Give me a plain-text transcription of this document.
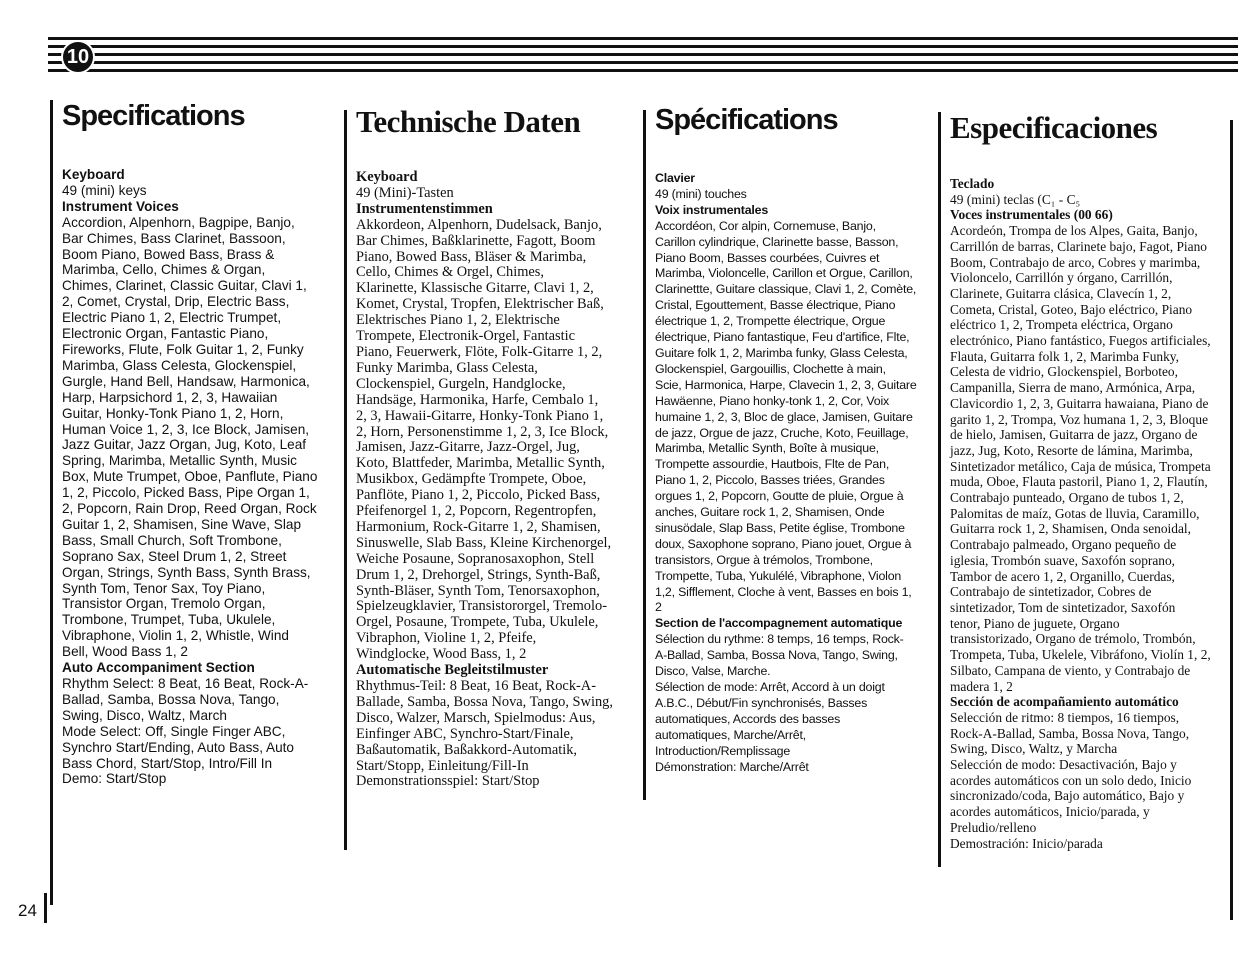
10
Specifications

Keyboard

49 (mini) keys

Instrument Voices

Accordion, Alpenhorn, Bagpipe, Banjo,
Bar Chimes, Bass Clarinet, Bassoon,
Boom Piano, Bowed Bass, Brass &
Marimba, Cello, Chimes & Organ,
Chimes, Clarinet, Classic Guitar, Clavi 1,
2, Comet, Crystal, Drip, Electric Bass,
Electric Piano 1, 2, Electric Trumpet,
Electronic Organ, Fantastic Piano,
Fireworks, Flute, Folk Guitar 1, 2, Funky
Marimba, Glass Celesta, Glockenspiel,
Gurgle, Hand Bell, Handsaw, Harmonica,
Harp, Harpsichord 1, 2, 3, Hawaiian
Guitar, Honky-Tonk Piano 1, 2, Horn,
Human Voice 1, 2, 3, Ice Block, Jamisen,
Jazz Guitar, Jazz Organ, Jug, Koto, Leaf
Spring, Marimba, Metallic Synth, Music
Box, Mute Trumpet, Oboe, Panflute, Piano
1, 2, Piccolo, Picked Bass, Pipe Organ 1,
2, Popcorn, Rain Drop, Reed Organ, Rock
Guitar 1, 2, Shamisen, Sine Wave, Slap
Bass, Small Church, Soft Trombone,
Soprano Sax, Steel Drum 1, 2, Street
Organ, Strings, Synth Bass, Synth Brass,
Synth Tom, Tenor Sax, Toy Piano,
Transistor Organ, Tremolo Organ,
Trombone, Trumpet, Tuba, Ukulele,
Vibraphone, Violin 1, 2, Whistle, Wind
Bell, Wood Bass 1, 2

Auto Accompaniment Section

Rhythm Select: 8 Beat, 16 Beat, Rock-A-
Ballad, Samba, Bossa Nova, Tango,
Swing, Disco, Waltz, March
Mode Select: Off, Single Finger ABC,
Synchro Start/Ending, Auto Bass, Auto
Bass Chord, Start/Stop, Intro/Fill In
Demo: Start/Stop

Technische Daten

Keyboard

49 (Mini)-Tasten

Instrumentenstimmen

Akkordeon, Alpenhorn, Dudelsack, Banjo,
Bar Chimes, Baßklarinette, Fagott, Boom
Piano, Bowed Bass, Bläser & Marimba,
Cello, Chimes & Orgel, Chimes,
Klarinette, Klassische Gitarre, Clavi 1, 2,
Komet, Crystal, Tropfen, Elektrischer Baß,
Elektrisches Piano 1, 2, Elektrische
Trompete, Electronik-Orgel, Fantastic
Piano, Feuerwerk, Flöte, Folk-Gitarre 1, 2,
Funky Marimba, Glass Celesta,
Clockenspiel, Gurgeln, Handglocke,
Handsäge, Harmonika, Harfe, Cembalo 1,
2, 3, Hawaii-Gitarre, Honky-Tonk Piano 1,
2, Horn, Personenstimme 1, 2, 3, Ice Block,
Jamisen, Jazz-Gitarre, Jazz-Orgel, Jug,
Koto, Blattfeder, Marimba, Metallic Synth,
Musikbox, Gedämpfte Trompete, Oboe,
Panflöte, Piano 1, 2, Piccolo, Picked Bass,
Pfeifenorgel 1, 2, Popcorn, Regentropfen,
Harmonium, Rock-Gitarre 1, 2, Shamisen,
Sinuswelle, Slab Bass, Kleine Kirchenorgel,
Weiche Posaune, Sopranosaxophon, Stell
Drum 1, 2, Drehorgel, Strings, Synth-Baß,
Synth-Bläser, Synth Tom, Tenorsaxophon,
Spielzeugklavier, Transistororgel, Tremolo-
Orgel, Posaune, Trompete, Tuba, Ukulele,
Vibraphon, Violine 1, 2, Pfeife,
Windglocke, Wood Bass, 1, 2

Automatische Begleitstilmuster

Rhythmus-Teil: 8 Beat, 16 Beat, Rock-A-
Ballade, Samba, Bossa Nova, Tango, Swing,
Disco, Walzer, Marsch, Spielmodus: Aus,
Einfinger ABC, Synchro-Start/Finale,
Baßautomatik, Baßakkord-Automatik,
Start/Stopp, Einleitung/Fill-In
Demonstrationsspiel: Start/Stop

Spécifications

Clavier

49 (mini) touches

Voix instrumentales

Accordéon, Cor alpin, Cornemuse, Banjo,
Carillon cylindrique, Clarinette basse, Basson,
Piano Boom, Basses courbées, Cuivres et
Marimba, Violoncelle, Carillon et Orgue, Carillon,
Clarinettte, Guitare classique, Clavi 1, 2, Comète,
Cristal, Egouttement, Basse électrique, Piano
électrique 1, 2, Trompette électrique, Orgue
électrique, Piano fantastique, Feu d'artifice, Flte,
Guitare folk 1, 2, Marimba funky, Glass Celesta,
Glockenspiel, Gargouillis, Clochette à main,
Scie, Harmonica, Harpe, Clavecin 1, 2, 3, Guitare
Hawäenne, Piano honky-tonk 1, 2, Cor, Voix
humaine 1, 2, 3, Bloc de glace, Jamisen, Guitare
de jazz, Orgue de jazz, Cruche, Koto, Feuillage,
Marimba, Metallic Synth, Boîte à musique,
Trompette assourdie, Hautbois, Flte de Pan,
Piano 1, 2, Piccolo, Basses triées, Grandes
orgues 1, 2, Popcorn, Goutte de pluie, Orgue à
anches, Guitare rock 1, 2, Shamisen, Onde
sinusödale, Slap Bass, Petite église, Trombone
doux, Saxophone soprano, Piano jouet, Orgue à
transistors, Orgue à trémolos, Trombone,
Trompette, Tuba, Yukulélé, Vibraphone, Violon
1,2, Sifflement, Cloche à vent, Basses en bois 1,
2

Section de l'accompagnement automatique

Sélection du rythme: 8 temps, 16 temps, Rock-
A-Ballad, Samba, Bossa Nova, Tango, Swing,
Disco, Valse, Marche.
Sélection de mode: Arrêt, Accord à un doigt
A.B.C., Début/Fin synchronisés, Basses
automatiques, Accords des basses
automatiques, Marche/Arrêt,
Introduction/Remplissage
Démonstration: Marche/Arrêt

Especificaciones

Teclado

49 (mini) teclas (C₁ - C₅

Voces instrumentales (00 66)

Acordeón, Trompa de los Alpes, Gaita, Banjo,
Carrillón de barras, Clarinete bajo, Fagot, Piano
Boom, Contrabajo de arco, Cobres y marimba,
Violoncelo, Carrillón y órgano, Carrillón,
Clarinete, Guitarra clásica, Clavecín 1, 2,
Cometa, Cristal, Goteo, Bajo eléctrico, Piano
eléctrico 1, 2, Trompeta eléctrica, Organo
electrónico, Piano fantástico, Fuegos artificiales,
Flauta, Guitarra folk 1, 2, Marimba Funky,
Celesta de vidrio, Glockenspiel, Borboteo,
Campanilla, Sierra de mano, Armónica, Arpa,
Clavicordio 1, 2, 3, Guitarra hawaiana, Piano de
garito 1, 2, Trompa, Voz humana 1, 2, 3, Bloque
de hielo, Jamisen, Guitarra de jazz, Organo de
jazz, Jug, Koto, Resorte de lámina, Marimba,
Sintetizador metálico, Caja de música, Trompeta
muda, Oboe, Flauta pastoril, Piano 1, 2, Flautín,
Contrabajo punteado, Organo de tubos 1, 2,
Palomitas de maíz, Gotas de lluvia, Caramillo,
Guitarra rock 1, 2, Shamisen, Onda senoidal,
Contrabajo palmeado, Organo pequeño de
iglesia, Trombón suave, Saxofón soprano,
Tambor de acero 1, 2, Organillo, Cuerdas,
Contrabajo de sintetizador, Cobres de
sintetizador, Tom de sintetizador, Saxofón
tenor, Piano de juguete, Organo
transistorizado, Organo de trémolo, Trombón,
Trompeta, Tuba, Ukelele, Vibráfono, Violín 1, 2,
Silbato, Campana de viento, y Contrabajo de
madera 1, 2

Sección de acompañamiento automático

Selección de ritmo: 8 tiempos, 16 tiempos,
Rock-A-Ballad, Samba, Bossa Nova, Tango,
Swing, Disco, Waltz, y Marcha
Selección de modo: Desactivación, Bajo y
acordes automáticos con un solo dedo, Inicio
sincronizado/coda, Bajo automático, Bajo y
acordes automáticos, Inicio/parada, y
Preludio/relleno
Demostración: Inicio/parada

24
